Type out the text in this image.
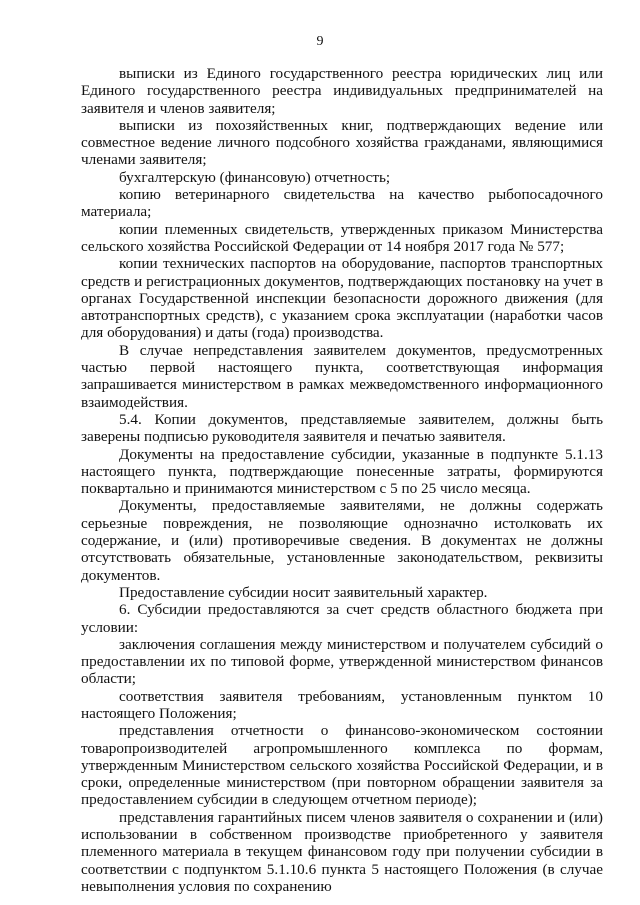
9

выписки из Единого государственного реестра юридических лиц или Единого государственного реестра индивидуальных предпринимателей на заявителя и членов заявителя;

выписки из похозяйственных книг, подтверждающих ведение или совместное ведение личного подсобного хозяйства гражданами, являющимися членами заявителя;

бухгалтерскую (финансовую) отчетность;

копию ветеринарного свидетельства на качество рыбопосадочного материала;

копии племенных свидетельств, утвержденных приказом Министерства сельского хозяйства Российской Федерации от 14 ноября 2017 года № 577;

копии технических паспортов на оборудование, паспортов транспортных средств и регистрационных документов, подтверждающих постановку на учет в органах Государственной инспекции безопасности дорожного движения (для автотранспортных средств), с указанием срока эксплуатации (наработки часов для оборудования) и даты (года) производства.

В случае непредставления заявителем документов, предусмотренных частью первой настоящего пункта, соответствующая информация запрашивается министерством в рамках межведомственного информационного взаимодействия.

5.4. Копии документов, представляемые заявителем, должны быть заверены подписью руководителя заявителя и печатью заявителя.

Документы на предоставление субсидии, указанные в подпункте 5.1.13 настоящего пункта, подтверждающие понесенные затраты, формируются поквартально и принимаются министерством с 5 по 25 число месяца.

Документы, предоставляемые заявителями, не должны содержать серьезные повреждения, не позволяющие однозначно истолковать их содержание, и (или) противоречивые сведения. В документах не должны отсутствовать обязательные, установленные законодательством, реквизиты документов.

Предоставление субсидии носит заявительный характер.

6. Субсидии предоставляются за счет средств областного бюджета при условии:

заключения соглашения между министерством и получателем субсидий о предоставлении их по типовой форме, утвержденной министерством финансов области;

соответствия заявителя требованиям, установленным пунктом 10 настоящего Положения;

представления отчетности о финансово-экономическом состоянии товаропроизводителей агропромышленного комплекса по формам, утвержденным Министерством сельского хозяйства Российской Федерации, и в сроки, определенные министерством (при повторном обращении заявителя за предоставлением субсидии в следующем отчетном периоде);

представления гарантийных писем членов заявителя о сохранении и (или) использовании в собственном производстве приобретенного у заявителя племенного материала в текущем финансовом году при получении субсидии в соответствии с подпунктом 5.1.10.6 пункта 5 настоящего Положения (в случае невыполнения условия по сохранению
